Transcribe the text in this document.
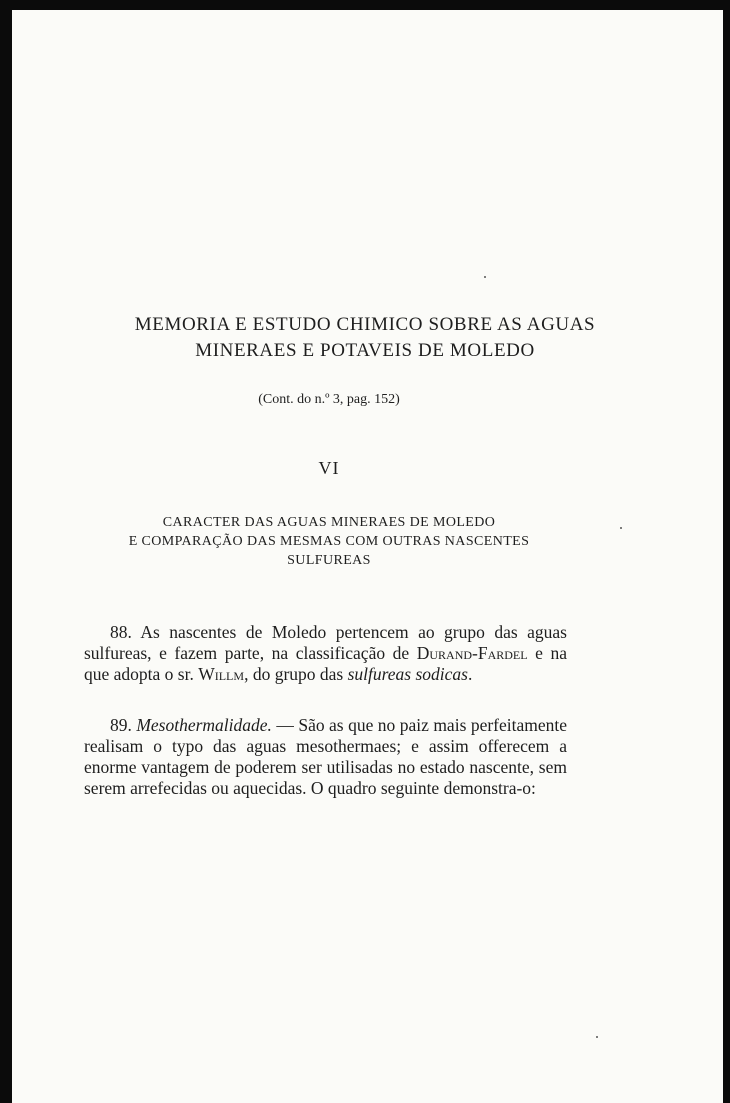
MEMORIA E ESTUDO CHIMICO SOBRE AS AGUAS
MINERAES E POTAVEIS DE MOLEDO

(Cont. do n.º 3, pag. 152)

VI

CARACTER DAS AGUAS MINERAES DE MOLEDO
E COMPARAÇÃO DAS MESMAS COM OUTRAS NASCENTES
SULFUREAS

88. As nascentes de Moledo pertencem ao grupo das aguas sulfureas, e fazem parte, na classificação de Durand-Fardel e na que adopta o sr. Willm, do grupo das sulfureas sodicas.

89. Mesothermalidade. — São as que no paiz mais perfeitamente realisam o typo das aguas mesothermaes; e assim offerecem a enorme vantagem de poderem ser utilisadas no estado nascente, sem serem arrefecidas ou aquecidas. O quadro seguinte demonstra-o:
